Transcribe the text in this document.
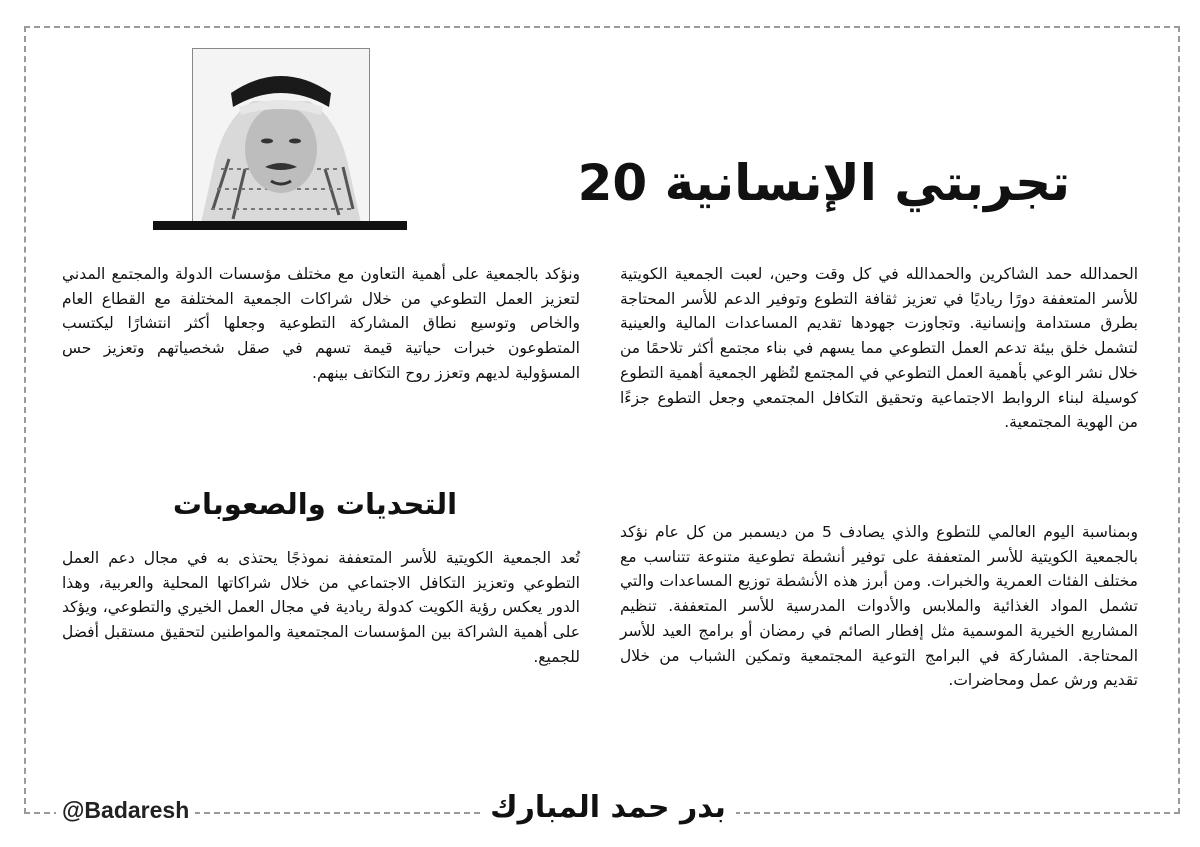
تجربتي الإنسانية 20
الحمدالله حمد الشاكرين والحمدالله في كل وقت وحين، لعبت الجمعية الكويتية للأسر المتعففة دورًا رياديًا في تعزيز ثقافة التطوع وتوفير الدعم للأسر المحتاجة بطرق مستدامة وإنسانية. وتجاوزت جهودها تقديم المساعدات المالية والعينية لتشمل خلق بيئة تدعم العمل التطوعي مما يسهم في بناء مجتمع أكثر تلاحمًا من خلال نشر الوعي بأهمية العمل التطوعي في المجتمع لتُظهر الجمعية أهمية التطوع كوسيلة لبناء الروابط الاجتماعية وتحقيق التكافل المجتمعي وجعل التطوع جزءًا من الهوية المجتمعية.
ونؤكد بالجمعية على أهمية التعاون مع مختلف مؤسسات الدولة والمجتمع المدني لتعزيز العمل التطوعي من خلال شراكات الجمعية المختلفة مع القطاع العام والخاص وتوسيع نطاق المشاركة التطوعية وجعلها أكثر انتشارًا ليكتسب المتطوعون خبرات حياتية قيمة تسهم في صقل شخصياتهم وتعزيز حس المسؤولية لديهم وتعزز روح التكاتف بينهم.
التحديات والصعوبات
وبمناسبة اليوم العالمي للتطوع والذي يصادف 5 من ديسمبر من كل عام نؤكد بالجمعية الكويتية للأسر المتعففة على توفير أنشطة تطوعية متنوعة تتناسب مع مختلف الفئات العمرية والخبرات. ومن أبرز هذه الأنشطة توزيع المساعدات والتي تشمل المواد الغذائية والملابس والأدوات المدرسية للأسر المتعففة. تنظيم المشاريع الخيرية الموسمية مثل إفطار الصائم في رمضان أو برامج العيد للأسر المحتاجة. المشاركة في البرامج التوعية المجتمعية وتمكين الشباب من خلال تقديم ورش عمل ومحاضرات.
تُعد الجمعية الكويتية للأسر المتعففة نموذجًا يحتذى به في مجال دعم العمل التطوعي وتعزيز التكافل الاجتماعي من خلال شراكاتها المحلية والعربية، وهذا الدور يعكس رؤية الكويت كدولة ريادية في مجال العمل الخيري والتطوعي، ويؤكد على أهمية الشراكة بين المؤسسات المجتمعية والمواطنين لتحقيق مستقبل أفضل للجميع.
@Badaresh	بدر حمد المبارك
